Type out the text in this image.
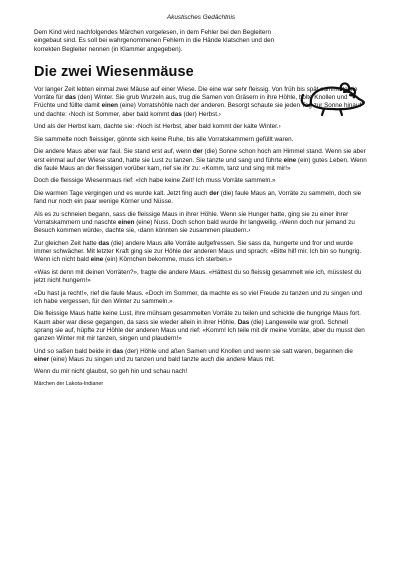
Akustisches Gedächtnis
Dem Kind wird nachfolgendes Märchen vorgelesen, in dem Fehler bei den Begleitern eingebaut sind. Es soll bei wahrgenommenen Fehlern in die Hände klatschen und den korrekten Begleiter nennen (in Klammer angegeben).
Die zwei Wiesenmäuse

Vor langer Zeit lebten einmal zwei Mäuse auf einer Wiese. Die eine war sehr fleissig. Von früh bis spät sammelte sie Vorräte für das (den) Winter. Sie grub Wurzeln aus, trug die Samen von Gräsern in ihre Höhle, holte Knollen und Früchte und füllte damit einen (eine) Vorratshöhle nach der anderen. Besorgt schaute sie jeden Tag zur Sonne hinauf und dachte: ‹Noch ist Sommer, aber bald kommt das (der) Herbst.›

Und als der Herbst kam, dachte sie: ‹Noch ist Herbst, aber bald kommt der kalte Winter.›

Sie sammelte noch fleissiger, gönnte sich keine Ruhe, bis alle Vorratskammern gefüllt waren.

Die andere Maus aber war faul. Sie stand erst auf, wenn der (die) Sonne schon hoch am Himmel stand. Wenn sie aber erst einmal auf der Wiese stand, hatte sie Lust zu tanzen. Sie tanzte und sang und führte eine (ein) gutes Leben. Wenn die faule Maus an der fleissigen vorüber kam, rief sie ihr zu: «Komm, tanz und sing mit mir!»

Doch die fleissige Wiesenmaus rief: «Ich habe keine Zeit! Ich muss Vorräte sammeln.»

Die warmen Tage vergingen und es wurde kalt. Jetzt fing auch der (die) faule Maus an, Vorräte zu sammeln, doch sie fand nur noch ein paar wenige Körner und Nüsse.

Als es zu schneien begann, sass die fleissige Maus in ihrer Höhle. Wenn sie Hunger hatte, ging sie zu einer ihrer Vorratskammern und naschte einen (eine) Nuss. Doch schon bald wurde ihr langweilig. ‹Wenn doch nur jemand zu Besuch kommen würde›, dachte sie, ‹dann könnten sie zusammen plaudern.›

Zur gleichen Zeit hatte das (die) andere Maus alle Vorräte aufgefressen. Sie sass da, hungerte und fror und wurde immer schwächer. Mit letzter Kraft ging sie zur Höhle der anderen Maus und sprach: «Bitte hilf mir. Ich bin so hungrig. Wenn ich nicht bald eine (ein) Körnchen bekomme, muss ich sterben.»

«Was ist denn mit deinen Vorräten?», fragte die andere Maus. «Hättest du so fleissig gesammelt wie ich, müsstest du jetzt nicht hungern!»

«Du hast ja recht!», rief die faule Maus. «Doch im Sommer, da machte es so viel Freude zu tanzen und zu singen und ich habe vergessen, für den Winter zu sammeln.»

Die fleissige Maus hatte keine Lust, ihre mühsam gesammelten Vorräte zu teilen und schickte die hungrige Maus fort. Kaum aber war diese gegangen, da sass sie wieder allein in ihrer Höhle. Das (die) Langeweile war groß. Schnell sprang sie auf, hüpfte zur Höhle der anderen Maus und rief: «Komm! Ich teile mit dir meine Vorräte, aber du musst den ganzen Winter mit mir tanzen, singen und plaudern!»

Und so saßen bald beide in das (der) Höhle und aßen Samen und Knollen und wenn sie satt waren, begannen die einer (eine) Maus zu singen und zu tanzen und bald tanzte auch die andere Maus mit.

Wenn du mir nicht glaubst, so geh hin und schau nach!

Märchen der Lakota-Indianer
